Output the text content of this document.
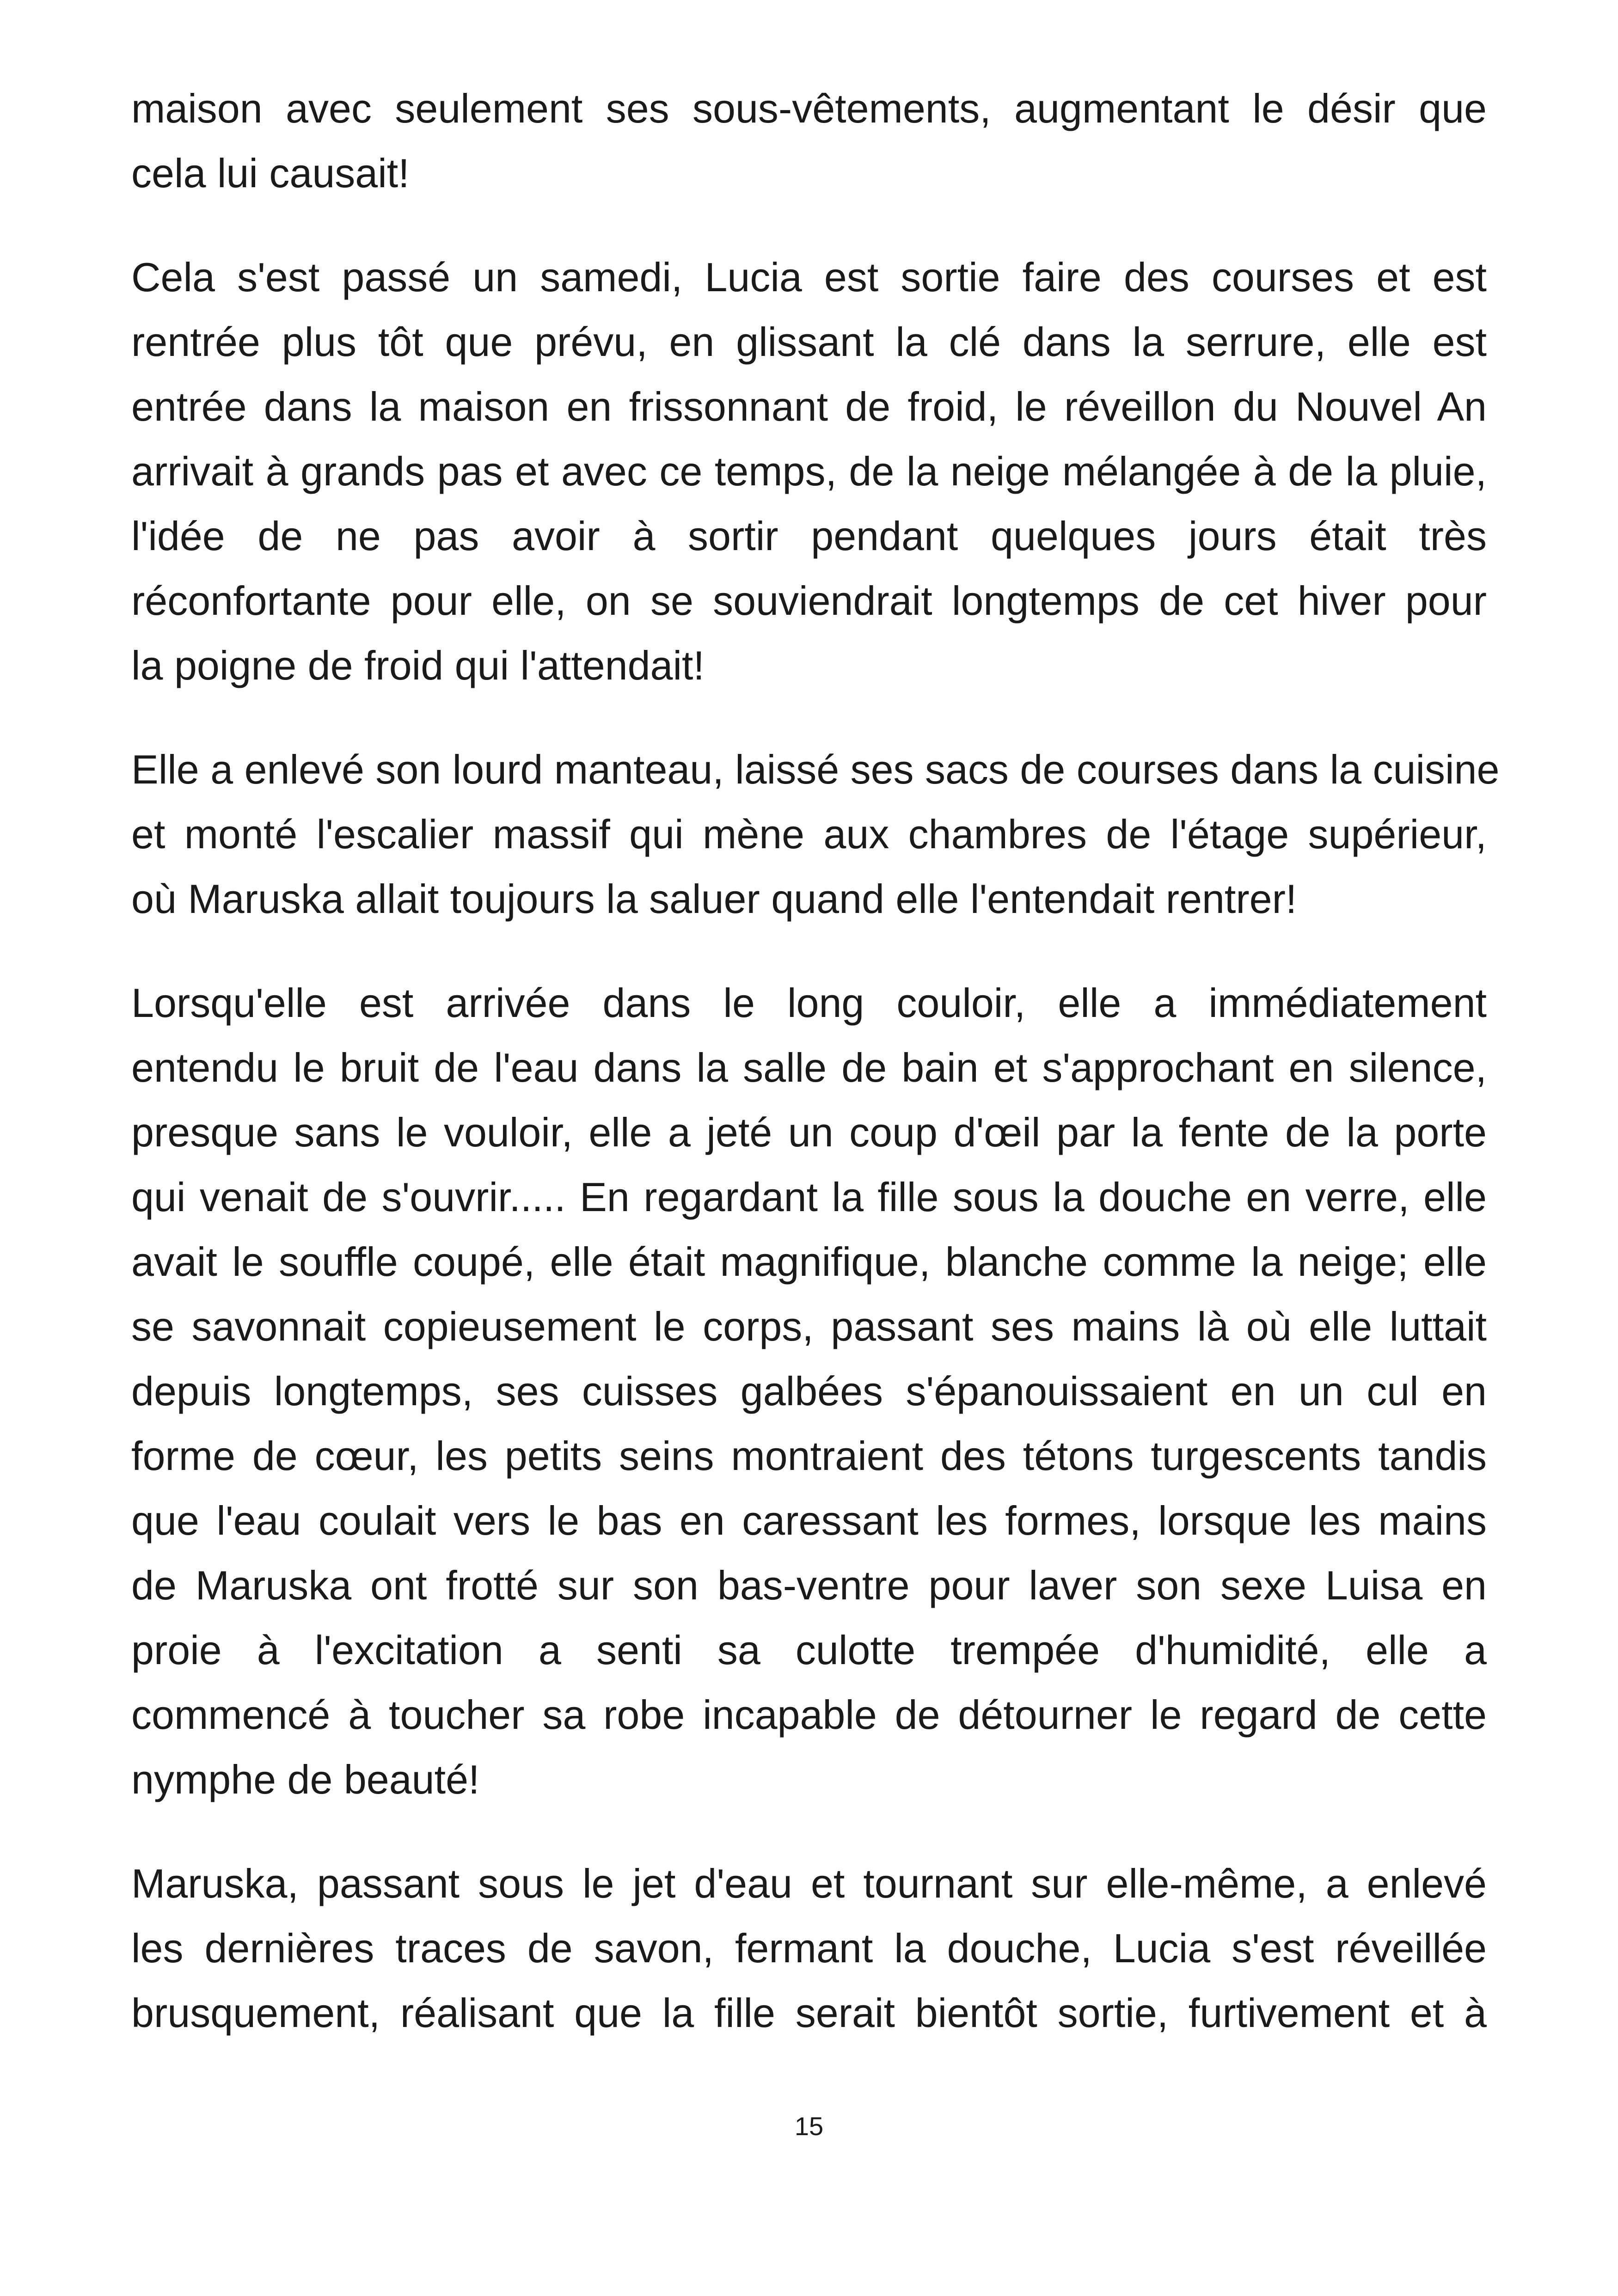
maison avec seulement ses sous-vêtements, augmentant le désir que
cela lui causait!
Cela s'est passé un samedi, Lucia est sortie faire des courses et est
rentrée plus tôt que prévu, en glissant la clé dans la serrure, elle est
entrée dans la maison en frissonnant de froid, le réveillon du Nouvel An
arrivait à grands pas et avec ce temps, de la neige mélangée à de la pluie,
l'idée de ne pas avoir à sortir pendant quelques jours était très
réconfortante pour elle, on se souviendrait longtemps de cet hiver pour
la poigne de froid qui l'attendait!
Elle a enlevé son lourd manteau, laissé ses sacs de courses dans la cuisine
et monté l'escalier massif qui mène aux chambres de l'étage supérieur,
où Maruska allait toujours la saluer quand elle l'entendait rentrer!
Lorsqu'elle est arrivée dans le long couloir, elle a immédiatement
entendu le bruit de l'eau dans la salle de bain et s'approchant en silence,
presque sans le vouloir, elle a jeté un coup d'œil par la fente de la porte
qui venait de s'ouvrir..... En regardant la fille sous la douche en verre, elle
avait le souffle coupé, elle était magnifique, blanche comme la neige; elle
se savonnait copieusement le corps, passant ses mains là où elle luttait
depuis longtemps, ses cuisses galbées s'épanouissaient en un cul en
forme de cœur, les petits seins montraient des tétons turgescents tandis
que l'eau coulait vers le bas en caressant les formes, lorsque les mains
de Maruska ont frotté sur son bas-ventre pour laver son sexe Luisa en
proie à l'excitation a senti sa culotte trempée d'humidité, elle a
commencé à toucher sa robe incapable de détourner le regard de cette
nymphe de beauté!
Maruska, passant sous le jet d'eau et tournant sur elle-même, a enlevé
les dernières traces de savon, fermant la douche, Lucia s'est réveillée
brusquement, réalisant que la fille serait bientôt sortie, furtivement et à
15
